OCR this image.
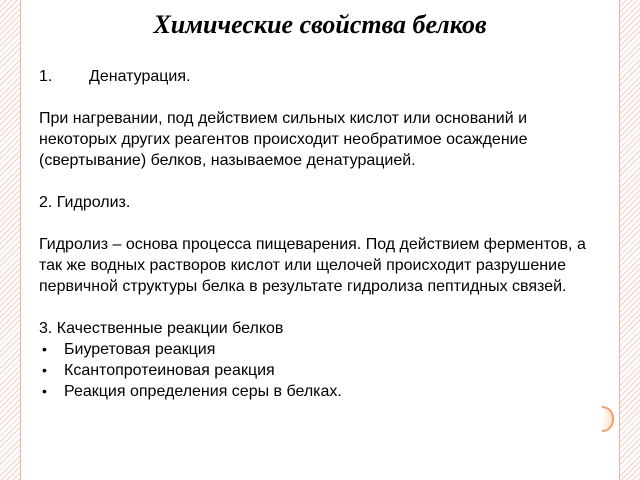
Химические свойства белков
1.	Денатурация.

При нагревании, под действием сильных кислот или оснований и некоторых других реагентов происходит необратимое осаждение (свертывание) белков, называемое денатурацией.

2. Гидролиз.

Гидролиз – основа процесса пищеварения. Под действием ферментов, а так же водных растворов кислот или щелочей происходит разрушение первичной структуры белка в результате гидролиза пептидных связей.

3. Качественные реакции белков

•	Биуретовая реакция
•	Ксантопротеиновая реакция
•	Реакция определения серы в белках.
